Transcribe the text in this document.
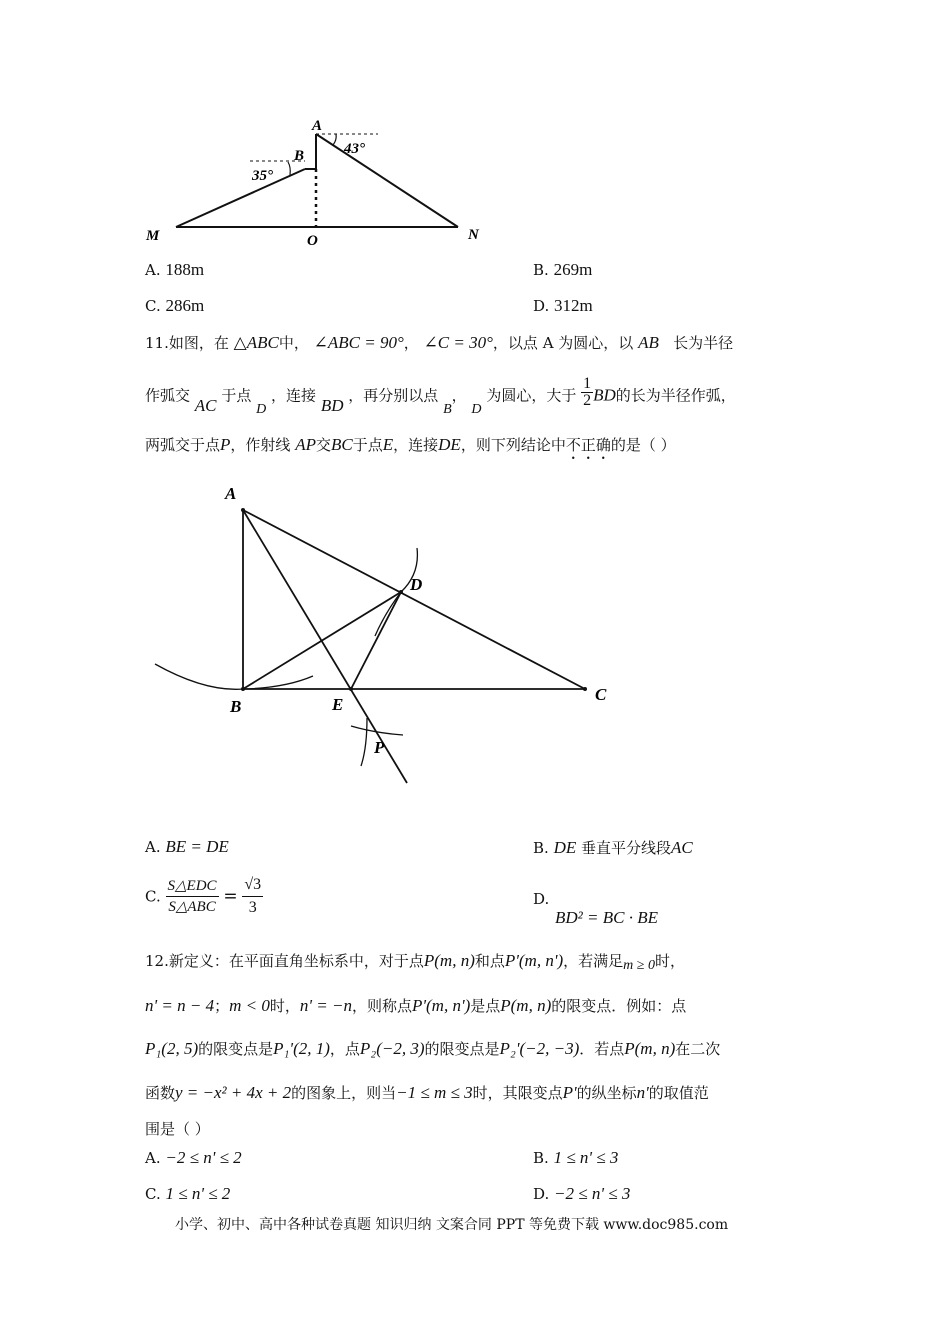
A
B
M	O	N
35°
43°
A. 188m	B. 269m
C. 286m	D. 312m
11.如图，在 △ABC中， ∠ABC = 90°， ∠C = 30°，以点 A 为圆心，以 AB 长为半径
作弧交 AC 于点 D ，连接 BD ，再分别以点 B， D 为圆心，大于 $\frac{1}{2}$ BD的长为半径作弧，
两弧交于点P，作射线 AP交BC于点E，连接DE，则下列结论中不正确的是（ ）
A
B
C
D
E
P
A. BE = DE	B. DE 垂直平分线段AC
C.
S△EDC
S△ABC
= $\frac{√3}{3}$	D.
BD² = BC · BE
12.新定义：在平面直角坐标系中，对于点P(m, n)和点P'(m, n')，若满足m ≥ 0时，
n' = n − 4；m < 0时，n' = −n，则称点P'(m, n')是点P(m, n)的限变点．例如：点
P₁(2, 5)的限变点是P₁'(2, 1)，点P₂(−2, 3)的限变点是P₂'(−2, −3)．若点P(m, n)在二次
函数y = −x² + 4x + 2的图象上，则当−1 ≤ m ≤ 3时，其限变点P'的纵坐标n'的取值范
围是（ ）
A. −2 ≤ n' ≤ 2	B. 1 ≤ n' ≤ 3
C. 1 ≤ n' ≤ 2	D. −2 ≤ n' ≤ 3
小学、初中、高中各种试卷真题 知识归纳 文案合同 PPT 等免费下载 www.doc985.com
